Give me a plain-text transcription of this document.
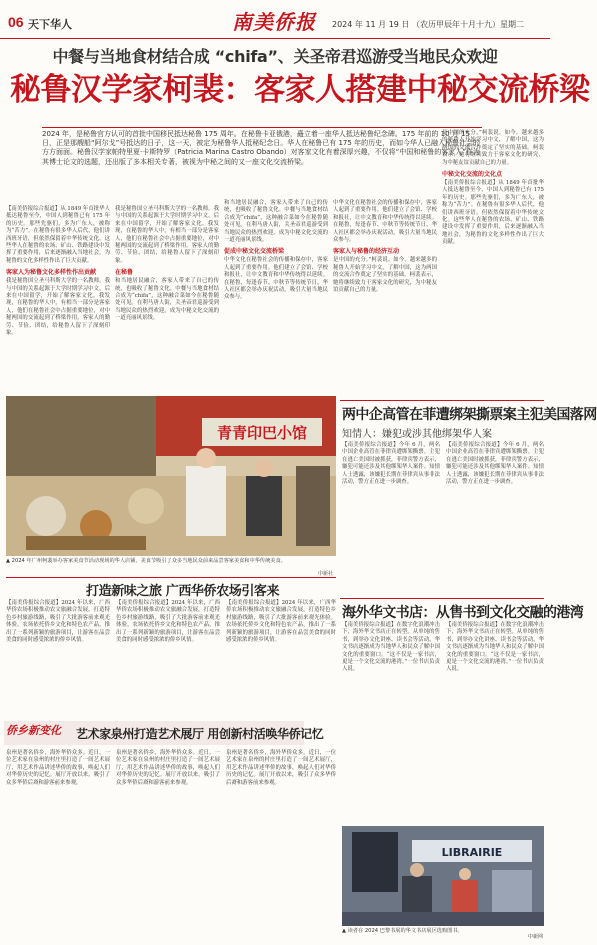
06 天下华人	南美侨报	2024 年 11 月 19 日 （农历甲辰年十月十九）星期二
中餐与当地食材结合成 “chifa”、关圣帝君巡游受当地民众欢迎
秘鲁汉学家柯裴：客家人搭建中秘交流桥梁
2024 年，是秘鲁官方认可的首批中国移民抵达秘鲁 175 周年。在秘鲁卡亚俄港，矗立着一座华人抵达秘鲁纪念碑。175 年前的 10 月 15 日，正是那艘船“阿尔戈”号抵达的日子，这一天，被定为秘鲁华人抵秘纪念日。华人在秘鲁已有 175 年的历史，而如今华人已融入秘鲁社会的方方面面。秘鲁汉学家帕特里夏·卡斯特罗（Patricia Marina Castro Obando）对客家文化有着深厚兴趣，不仅将“中国和秘鲁的客家人”作为其博士论文的选题，还出版了多本相关专著，被视为中秘之间的又一座文化交流桥梁。
【南美侨报综合报道】从 1849 年首批华人抵达秘鲁至今，中国人到秘鲁已有 175 年的历史。那些先驱们，多为广东人，被称为“苦力”。在秘鲁有很多华人后代，他们讲西班牙语，但依然保留着中华传统文化。这些华人在秘鲁的农场、矿山、铁路建设中发挥了重要作用，后来逐渐融入当地社会，为秘鲁的文化多样性作出了巨大贡献。
客家人为秘鲁文化多样性作出贡献
我是秘鲁国立圣马科斯大学的一名教师。我与中国的关系起源于大学时期学习中文，后来在中国留学，开始了解客家文化。我发现，在秘鲁的华人中，有相当一部分是客家人，他们在秘鲁社会中占据重要地位，对中秘两国的交流起到了桥梁作用。客家人的勤劳、节俭、团结，给秘鲁人留下了深刻印象。
我是秘鲁国立圣马科斯大学的一名教师。我与中国的关系起源于大学时期学习中文，后来在中国留学，开始了解客家文化。我发现，在秘鲁的华人中，有相当一部分是客家人，他们在秘鲁社会中占据重要地位，对中秘两国的交流起到了桥梁作用。客家人的勤劳、节俭、团结，给秘鲁人留下了深刻印象。
在秘鲁
和当地居民融合，客家人带来了自己的传统，也吸收了秘鲁文化。中餐与当地食材结合成为“chifa”，这种融合菜如今在秘鲁随处可见。在利马唐人街，关圣帝君巡游受到当地民众的热烈欢迎，成为中秘文化交流的一道亮丽风景线。
和当地居民融合，客家人带来了自己的传统，也吸收了秘鲁文化。中餐与当地食材结合成为“chifa”，这种融合菜如今在秘鲁随处可见。在利马唐人街，关圣帝君巡游受到当地民众的热烈欢迎，成为中秘文化交流的一道亮丽风景线。
促成中秘文化交流桥梁
中华文化在秘鲁社会的传播和保存中，客家人起到了重要作用。他们建立了会馆、学校和报社，让中文教育和中华传统得以延续。在秘鲁，每逢春节、中秋节等传统节日，华人社区都会举办庆祝活动，吸引大量当地民众参与。
中华文化在秘鲁社会的传播和保存中，客家人起到了重要作用。他们建立了会馆、学校和报社，让中文教育和中华传统得以延续。在秘鲁，每逢春节、中秋节等传统节日，华人社区都会举办庆祝活动，吸引大量当地民众参与。
客家人与秘鲁的经济互动
是中国的充分。”柯裴说。如今，越来越多的秘鲁人开始学习中文，了解中国，这为两国的交流合作奠定了坚实的基础。柯裴表示，她将继续致力于客家文化的研究，为中秘友谊贡献自己的力量。
是中国的充分。”柯裴说。如今，越来越多的秘鲁人开始学习中文，了解中国，这为两国的交流合作奠定了坚实的基础。柯裴表示，她将继续致力于客家文化的研究，为中秘友谊贡献自己的力量。
中秘文化交流的文化点
【南美侨报综合报道】从 1849 年首批华人抵达秘鲁至今，中国人到秘鲁已有 175 年的历史。那些先驱们，多为广东人，被称为“苦力”。在秘鲁有很多华人后代，他们讲西班牙语，但依然保留着中华传统文化。这些华人在秘鲁的农场、矿山、铁路建设中发挥了重要作用，后来逐渐融入当地社会，为秘鲁的文化多样性作出了巨大贡献。
青青印巴小馆
▲ 2024 年广州柯裴举办客家美食节活动现场的华人店铺，美食节吸引了众多当地民众前来品尝客家美食和中华传统美食。
中新社
两中企高管在菲遭绑架撕票案主犯美国落网
知情人：嫌犯或涉其他绑架华人案
【南美侨报综合报道】今年 6 月，两名中国企业高管在菲律宾遭绑架撕票。主犯在逃亡美国时被抓获，菲律宾警方表示，嫌犯可能还涉及其他绑架华人案件。知情人士透露，该嫌犯长期在菲律宾从事非法活动，警方正在进一步调查。
【南美侨报综合报道】今年 6 月，两名中国企业高管在菲律宾遭绑架撕票。主犯在逃亡美国时被抓获，菲律宾警方表示，嫌犯可能还涉及其他绑架华人案件。知情人士透露，该嫌犯长期在菲律宾从事非法活动，警方正在进一步调查。
海外华文书店：从售书到文化交融的港湾
【南美侨报综合报道】在数字化浪潮冲击下，海外华文书店正在转型。从单纯的售书，到举办文化讲座、读书会等活动，华文书店逐渐成为当地华人和民众了解中国文化的重要窗口。“这不仅是一家书店，更是一个文化交流的港湾。”一位书店负责人说。
【南美侨报综合报道】在数字化浪潮冲击下，海外华文书店正在转型。从单纯的售书，到举办文化讲座、读书会等活动，华文书店逐渐成为当地华人和民众了解中国文化的重要窗口。“这不仅是一家书店，更是一个文化交流的港湾。”一位书店负责人说。
LIBRAIRIE
▲ 读者在 2024 巴黎书展的华文书店展区选购图书。
中新网
打造新味之旅 广西华侨农场引客来
【南美侨报综合报道】2024 年以来，广西华侨农场积极推动农文旅融合发展，打造特色乡村旅游线路，吸引了大批游客前来观光体验。农场依托侨乡文化和特色农产品，推出了一系列新颖的旅游项目，让游客在品尝美食的同时感受浓浓的侨乡风情。
【南美侨报综合报道】2024 年以来，广西华侨农场积极推动农文旅融合发展，打造特色乡村旅游线路，吸引了大批游客前来观光体验。农场依托侨乡文化和特色农产品，推出了一系列新颖的旅游项目，让游客在品尝美食的同时感受浓浓的侨乡风情。
【南美侨报综合报道】2024 年以来，广西华侨农场积极推动农文旅融合发展，打造特色乡村旅游线路，吸引了大批游客前来观光体验。农场依托侨乡文化和特色农产品，推出了一系列新颖的旅游项目，让游客在品尝美食的同时感受浓浓的侨乡风情。
侨乡新变化 艺术家泉州打造艺术展厅 用创新村活唤华侨记忆
泉州是著名侨乡，海外华侨众多。近日，一位艺术家在泉州的村庄里打造了一间艺术展厅，用艺术作品讲述华侨的故事，唤起人们对华侨历史的记忆。展厅开放以来，吸引了众多华侨后裔和游客前来参观。
泉州是著名侨乡，海外华侨众多。近日，一位艺术家在泉州的村庄里打造了一间艺术展厅，用艺术作品讲述华侨的故事，唤起人们对华侨历史的记忆。展厅开放以来，吸引了众多华侨后裔和游客前来参观。
泉州是著名侨乡，海外华侨众多。近日，一位艺术家在泉州的村庄里打造了一间艺术展厅，用艺术作品讲述华侨的故事，唤起人们对华侨历史的记忆。展厅开放以来，吸引了众多华侨后裔和游客前来参观。
